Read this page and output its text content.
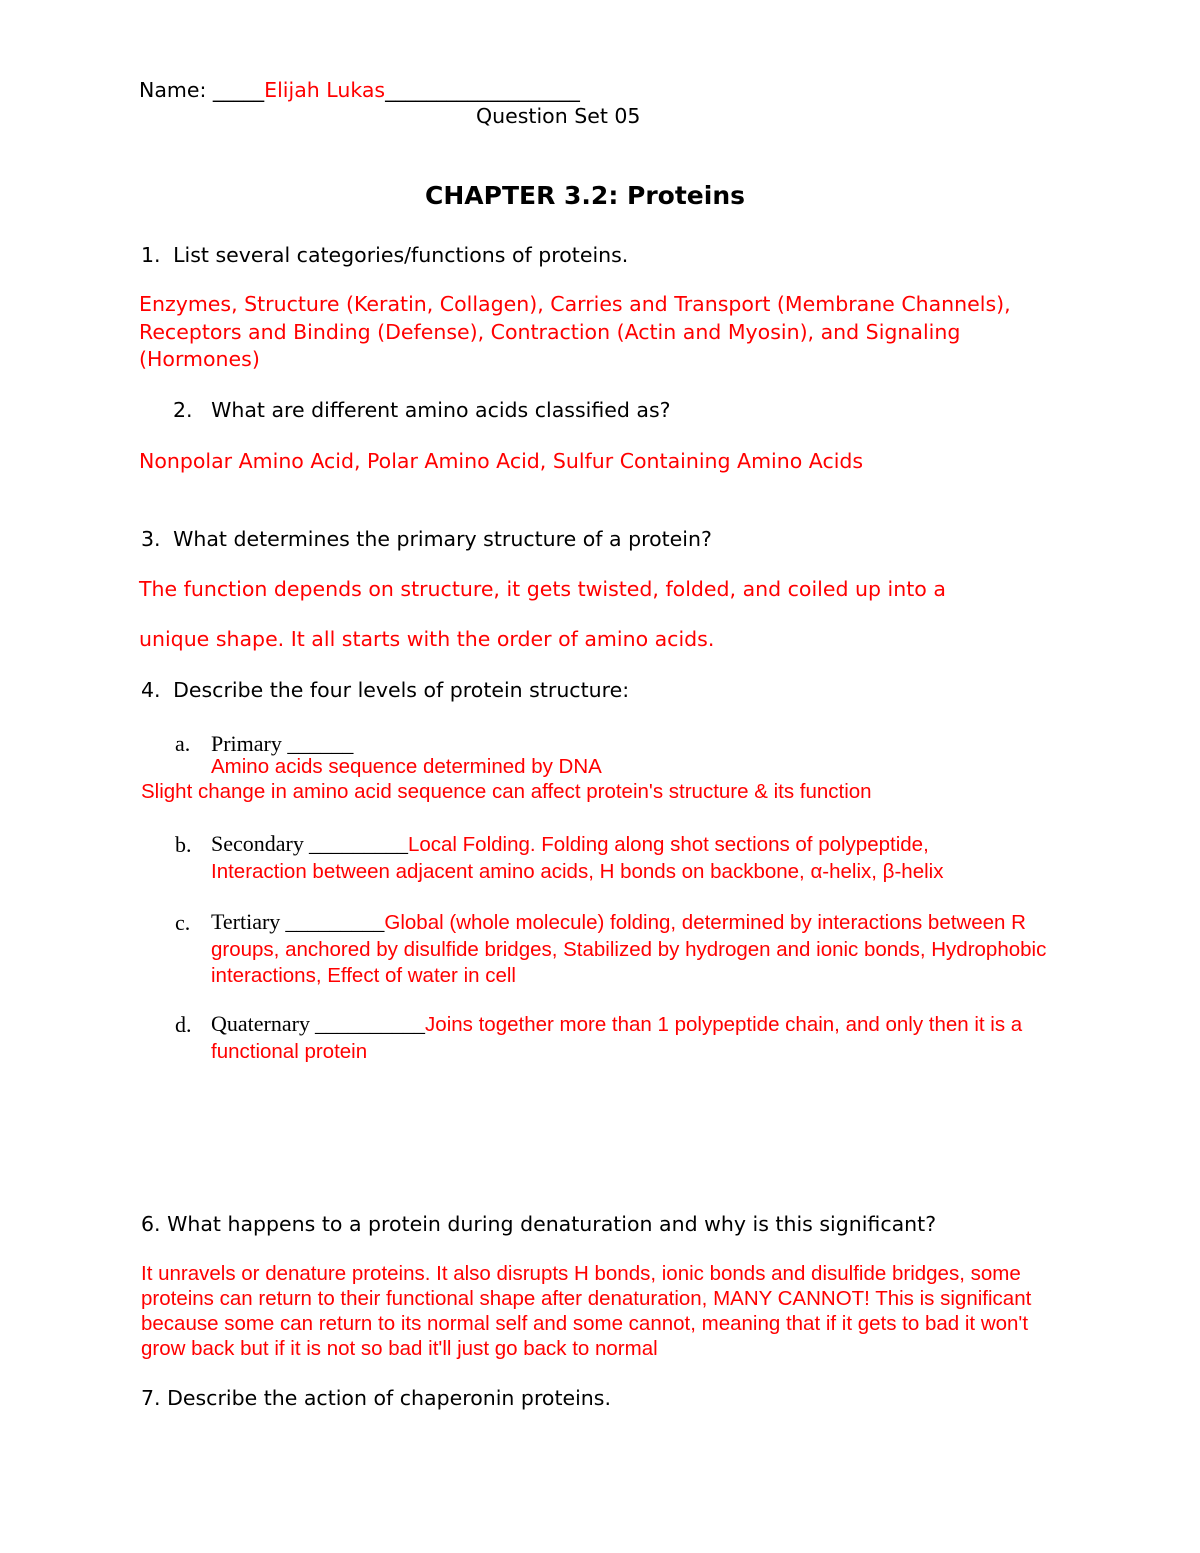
Name: _____Elijah Lukas___________________
Question Set 05
CHAPTER 3.2: Proteins
1. List several categories/functions of proteins.
Enzymes, Structure (Keratin, Collagen), Carries and Transport (Membrane Channels), Receptors and Binding (Defense), Contraction (Actin and Myosin), and Signaling (Hormones)
2. What are different amino acids classified as?
Nonpolar Amino Acid, Polar Amino Acid, Sulfur Containing Amino Acids
3. What determines the primary structure of a protein?
The function depends on structure, it gets twisted, folded, and coiled up into a
unique shape. It all starts with the order of amino acids.
4. Describe the four levels of protein structure:
a. Primary ______
Amino acids sequence determined by DNA
Slight change in amino acid sequence can affect protein's structure & its function
b. Secondary _________Local Folding. Folding along shot sections of polypeptide, Interaction between adjacent amino acids, H bonds on backbone, α-helix, β-helix
c. Tertiary _________Global (whole molecule) folding, determined by interactions between R groups, anchored by disulfide bridges, Stabilized by hydrogen and ionic bonds, Hydrophobic interactions, Effect of water in cell
d. Quaternary __________Joins together more than 1 polypeptide chain, and only then it is a functional protein
6. What happens to a protein during denaturation and why is this significant?
It unravels or denature proteins. It also disrupts H bonds, ionic bonds and disulfide bridges, some proteins can return to their functional shape after denaturation, MANY CANNOT! This is significant because some can return to its normal self and some cannot, meaning that if it gets to bad it won't grow back but if it is not so bad it'll just go back to normal
7. Describe the action of chaperonin proteins.
